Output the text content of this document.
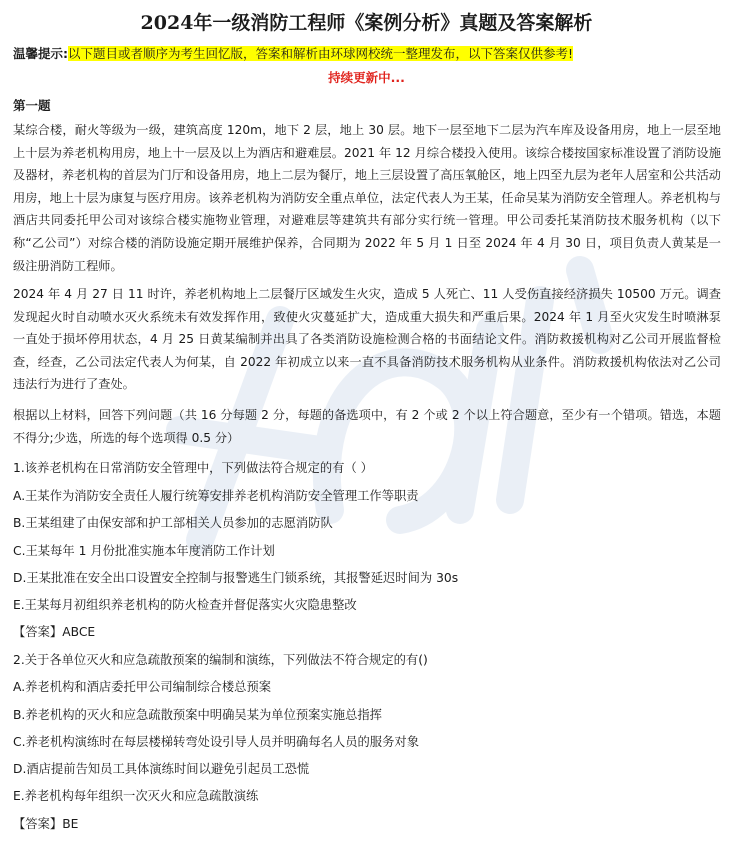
2024年一级消防工程师《案例分析》真题及答案解析
温馨提示:以下题目或者顺序为考生回忆版，答案和解析由环球网校统一整理发布，以下答案仅供参考!
持续更新中...
第一题
某综合楼，耐火等级为一级，建筑高度 120m，地下 2 层，地上 30 层。地下一层至地下二层为汽车库及设备用房，地上一层至地上十层为养老机构用房，地上十一层及以上为酒店和避难层。2021 年 12 月综合楼投入使用。该综合楼按国家标准设置了消防设施及器材，养老机构的首层为门厅和设备用房，地上二层为餐厅，地上三层设置了高压氧舱区，地上四至九层为老年人居室和公共活动用房，地上十层为康复与医疗用房。该养老机构为消防安全重点单位，法定代表人为王某，任命吴某为消防安全管理人。养老机构与酒店共同委托甲公司对该综合楼实施物业管理，对避难层等建筑共有部分实行统一管理。甲公司委托某消防技术服务机构（以下称“乙公司”）对综合楼的消防设施定期开展维护保养，合同期为 2022 年 5 月 1 日至 2024 年 4 月 30 日，项目负责人黄某是一级注册消防工程师。
2024 年 4 月 27 日 11 时许，养老机构地上二层餐厅区域发生火灾，造成 5 人死亡、11 人受伤直接经济损失 10500 万元。调查发现起火时自动喷水灭火系统未有效发挥作用，致使火灾蔓延扩大，造成重大损失和严重后果。2024 年 1 月至火灾发生时喷淋泵一直处于损坏停用状态，4 月 25 日黄某编制并出具了各类消防设施检测合格的书面结论文件。消防救援机构对乙公司开展监督检查，经查，乙公司法定代表人为何某，自 2022 年初成立以来一直不具备消防技术服务机构从业条件。消防救援机构依法对乙公司违法行为进行了查处。
根据以上材料，回答下列问题（共 16 分每题 2 分，每题的备选项中，有 2 个或 2 个以上符合题意，至少有一个错项。错选，本题不得分;少选，所选的每个选项得 0.5 分）
1.该养老机构在日常消防安全管理中，下列做法符合规定的有（ ）
A.王某作为消防安全责任人履行统筹安排养老机构消防安全管理工作等职责
B.王某组建了由保安部和护工部相关人员参加的志愿消防队
C.王某每年 1 月份批准实施本年度消防工作计划
D.王某批准在安全出口设置安全控制与报警逃生门锁系统，其报警延迟时间为 30s
E.王某每月初组织养老机构的防火检查并督促落实火灾隐患整改
【答案】ABCE
2.关于各单位灭火和应急疏散预案的编制和演练，下列做法不符合规定的有()
A.养老机构和酒店委托甲公司编制综合楼总预案
B.养老机构的灭火和应急疏散预案中明确吴某为单位预案实施总指挥
C.养老机构演练时在每层楼梯转弯处设引导人员并明确每名人员的服务对象
D.酒店提前告知员工具体演练时间以避免引起员工恐慌
E.养老机构每年组织一次灭火和应急疏散演练
【答案】BE
